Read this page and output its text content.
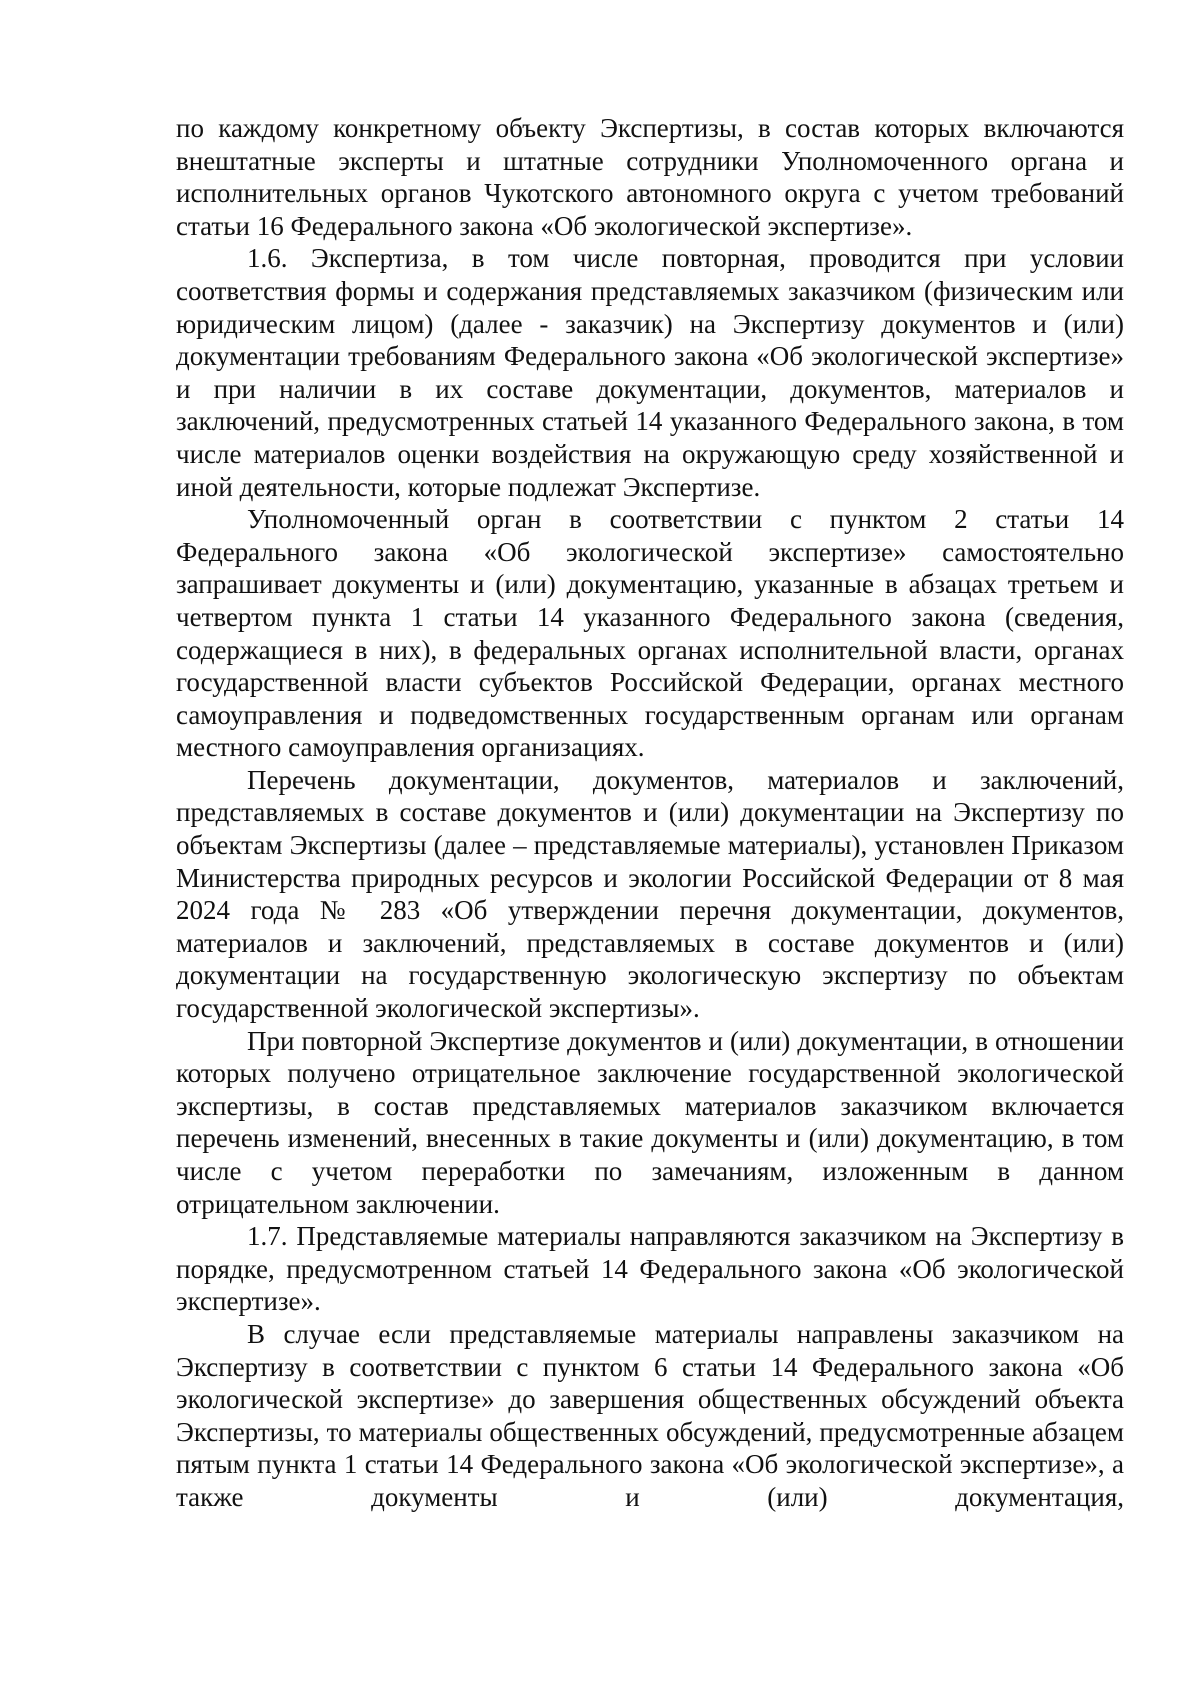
по каждому конкретному объекту Экспертизы, в состав которых включаются внештатные эксперты и штатные сотрудники Уполномоченного органа и исполнительных органов Чукотского автономного округа с учетом требований статьи 16 Федерального закона «Об экологической экспертизе».

1.6. Экспертиза, в том числе повторная, проводится при условии соответствия формы и содержания представляемых заказчиком (физическим или юридическим лицом) (далее - заказчик) на Экспертизу документов и (или) документации требованиям Федерального закона «Об экологической экспертизе» и при наличии в их составе документации, документов, материалов и заключений, предусмотренных статьей 14 указанного Федерального закона, в том числе материалов оценки воздействия на окружающую среду хозяйственной и иной деятельности, которые подлежат Экспертизе.

Уполномоченный орган в соответствии с пунктом 2 статьи 14 Федерального закона «Об экологической экспертизе» самостоятельно запрашивает документы и (или) документацию, указанные в абзацах третьем и четвертом пункта 1 статьи 14 указанного Федерального закона (сведения, содержащиеся в них), в федеральных органах исполнительной власти, органах государственной власти субъектов Российской Федерации, органах местного самоуправления и подведомственных государственным органам или органам местного самоуправления организациях.

Перечень документации, документов, материалов и заключений, представляемых в составе документов и (или) документации на Экспертизу по объектам Экспертизы (далее – представляемые материалы), установлен Приказом Министерства природных ресурсов и экологии Российской Федерации от 8 мая 2024 года № 283 «Об утверждении перечня документации, документов, материалов и заключений, представляемых в составе документов и (или) документации на государственную экологическую экспертизу по объектам государственной экологической экспертизы».

При повторной Экспертизе документов и (или) документации, в отношении которых получено отрицательное заключение государственной экологической экспертизы, в состав представляемых материалов заказчиком включается перечень изменений, внесенных в такие документы и (или) документацию, в том числе с учетом переработки по замечаниям, изложенным в данном отрицательном заключении.

1.7. Представляемые материалы направляются заказчиком на Экспертизу в порядке, предусмотренном статьей 14 Федерального закона «Об экологической экспертизе».

В случае если представляемые материалы направлены заказчиком на Экспертизу в соответствии с пунктом 6 статьи 14 Федерального закона «Об экологической экспертизе» до завершения общественных обсуждений объекта Экспертизы, то материалы общественных обсуждений, предусмотренные абзацем пятым пункта 1 статьи 14 Федерального закона «Об экологической экспертизе», а также документы и (или) документация,
